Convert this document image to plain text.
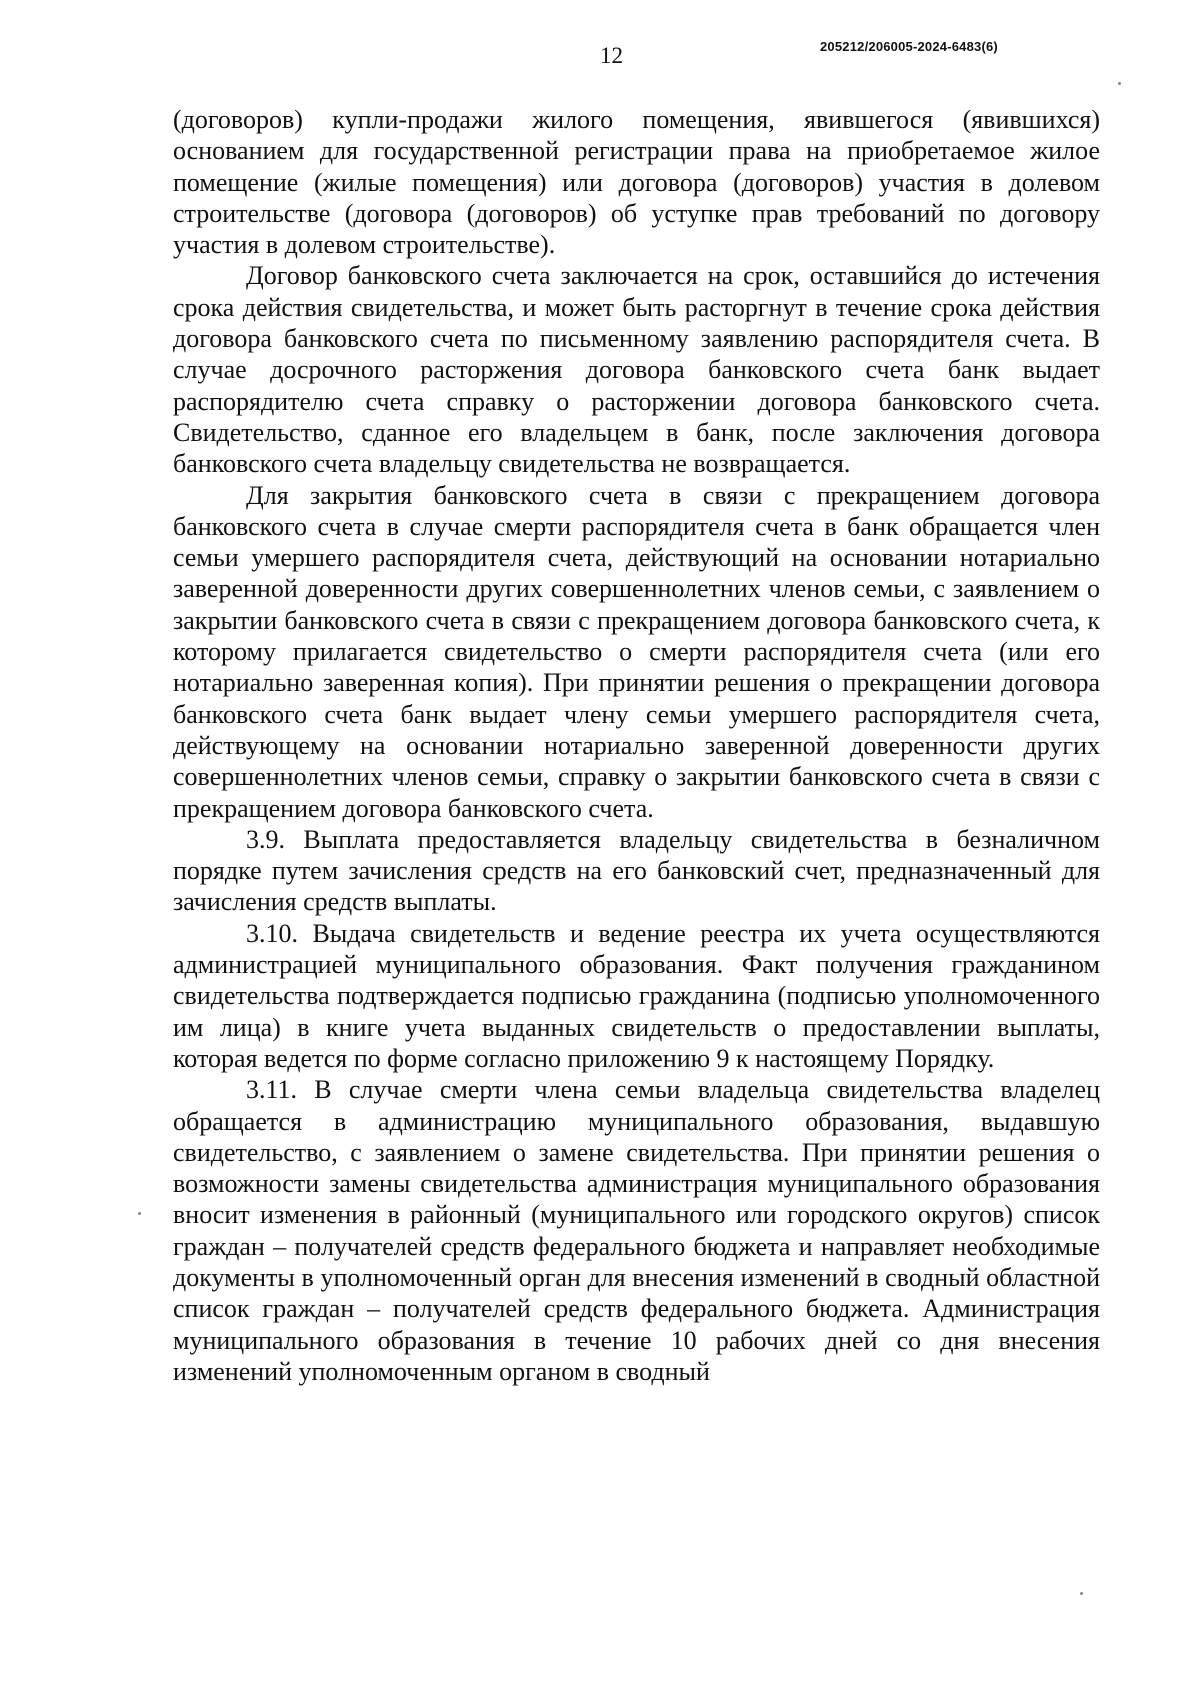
12	205212/206005-2024-6483(6)

(договоров) купли-продажи жилого помещения, явившегося (явившихся) основанием для государственной регистрации права на приобретаемое жилое помещение (жилые помещения) или договора (договоров) участия в долевом строительстве (договора (договоров) об уступке прав требований по договору участия в долевом строительстве).

Договор банковского счета заключается на срок, оставшийся до истечения срока действия свидетельства, и может быть расторгнут в течение срока действия договора банковского счета по письменному заявлению распорядителя счета. В случае досрочного расторжения договора банковского счета банк выдает распорядителю счета справку о расторжении договора банковского счета. Свидетельство, сданное его владельцем в банк, после заключения договора банковского счета владельцу свидетельства не возвращается.

Для закрытия банковского счета в связи с прекращением договора банковского счета в случае смерти распорядителя счета в банк обращается член семьи умершего распорядителя счета, действующий на основании нотариально заверенной доверенности других совершеннолетних членов семьи, с заявлением о закрытии банковского счета в связи с прекращением договора банковского счета, к которому прилагается свидетельство о смерти распорядителя счета (или его нотариально заверенная копия). При принятии решения о прекращении договора банковского счета банк выдает члену семьи умершего распорядителя счета, действующему на основании нотариально заверенной доверенности других совершеннолетних членов семьи, справку о закрытии банковского счета в связи с прекращением договора банковского счета.

3.9. Выплата предоставляется владельцу свидетельства в безналичном порядке путем зачисления средств на его банковский счет, предназначенный для зачисления средств выплаты.

3.10. Выдача свидетельств и ведение реестра их учета осуществляются администрацией муниципального образования. Факт получения гражданином свидетельства подтверждается подписью гражданина (подписью уполномоченного им лица) в книге учета выданных свидетельств о предоставлении выплаты, которая ведется по форме согласно приложению 9 к настоящему Порядку.

3.11. В случае смерти члена семьи владельца свидетельства владелец обращается в администрацию муниципального образования, выдавшую свидетельство, с заявлением о замене свидетельства. При принятии решения о возможности замены свидетельства администрация муниципального образования вносит изменения в районный (муниципального или городского округов) список граждан – получателей средств федерального бюджета и направляет необходимые документы в уполномоченный орган для внесения изменений в сводный областной список граждан – получателей средств федерального бюджета. Администрация муниципального образования в течение 10 рабочих дней со дня внесения изменений уполномоченным органом в сводный
